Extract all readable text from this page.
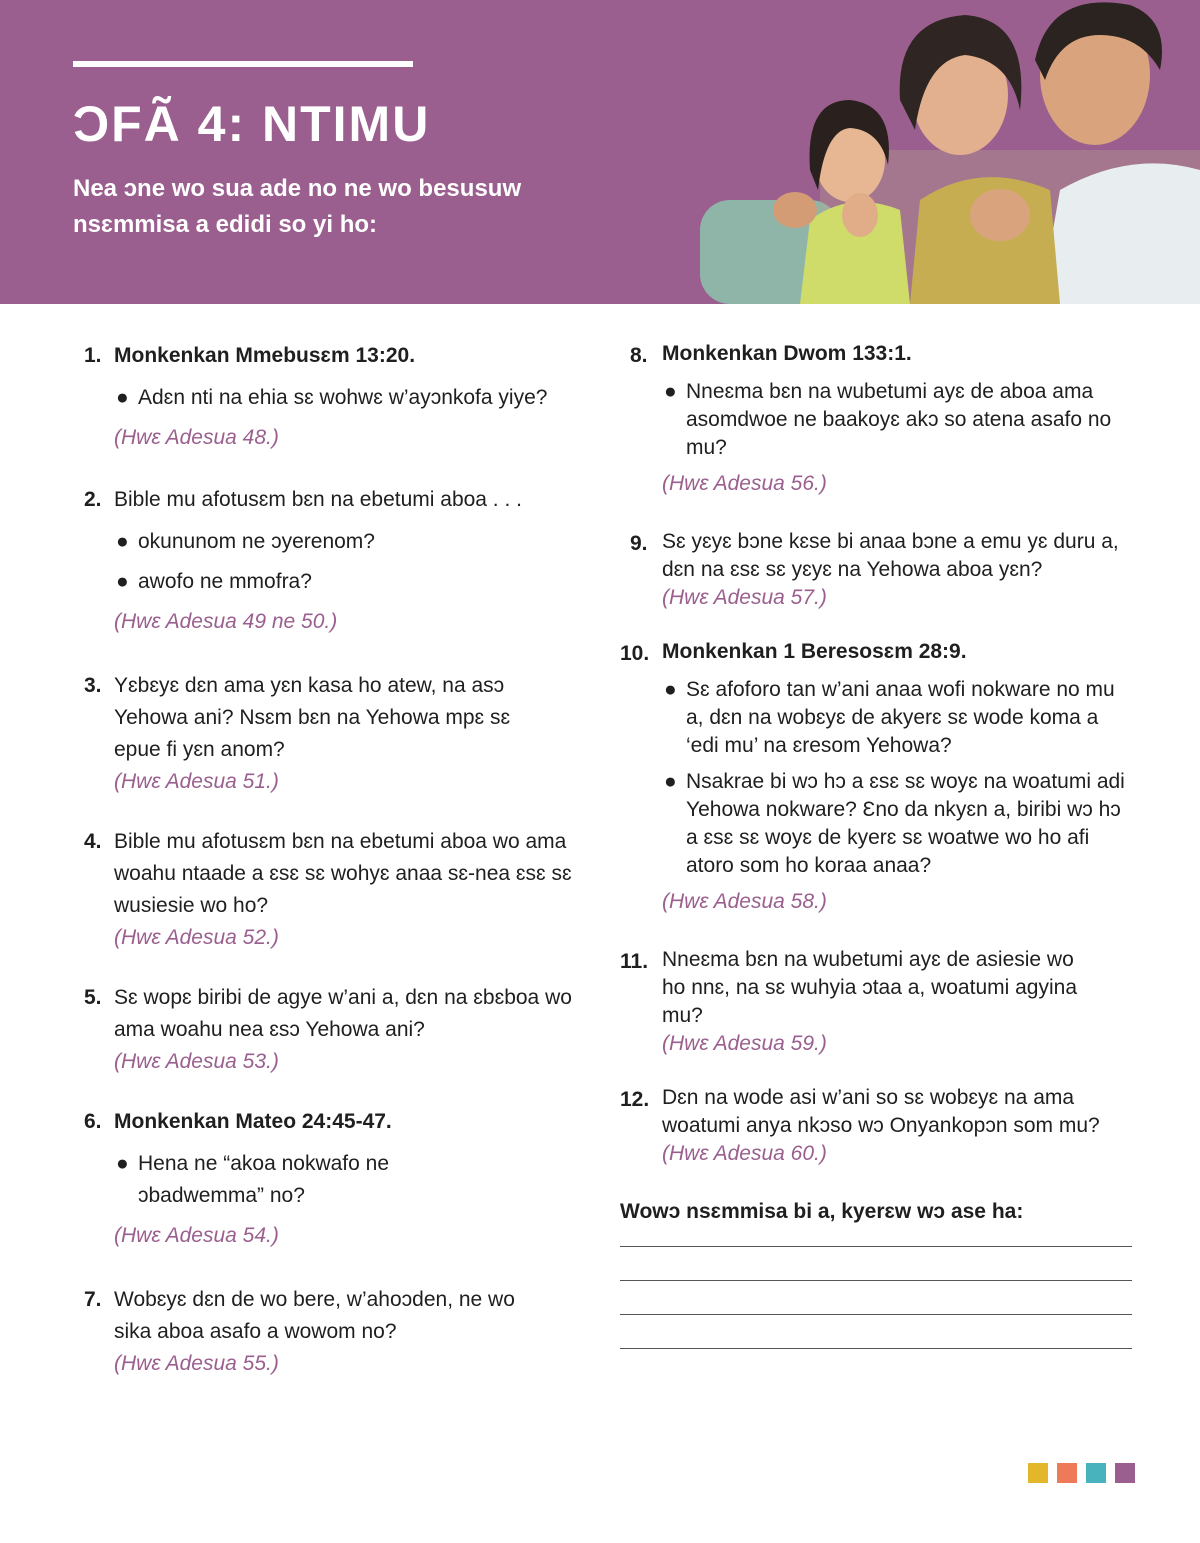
ƆFÃ 4: NTIMU

Nea ɔne wo sua ade no ne wo besusuw nsɛmmisa a edidi so yi ho:

1. Monkenkan Mmebusɛm 13:20.
● Adɛn nti na ehia sɛ wohwɛ w’ayɔnkofa yiye?
(Hwɛ Adesua 48.)
2. Bible mu afotusɛm bɛn na ebetumi aboa . . .
● okununom ne ɔyerenom?
● awofo ne mmofra?
(Hwɛ Adesua 49 ne 50.)
3. Yɛbɛyɛ dɛn ama yɛn kasa ho atew, na asɔ Yehowa ani? Nsɛm bɛn na Yehowa mpɛ sɛ epue fi yɛn anom?
(Hwɛ Adesua 51.)
4. Bible mu afotusɛm bɛn na ebetumi aboa wo ama woahu ntaade a ɛsɛ sɛ wohyɛ anaa sɛ-nea ɛsɛ sɛ wusiesie wo ho?
(Hwɛ Adesua 52.)
5. Sɛ wopɛ biribi de agye w’ani a, dɛn na ɛbɛboa wo ama woahu nea ɛsɔ Yehowa ani?
(Hwɛ Adesua 53.)
6. Monkenkan Mateo 24:45-47.
● Hena ne “akoa nokwafo ne ɔbadwemma” no?
(Hwɛ Adesua 54.)
7. Wobɛyɛ dɛn de wo bere, w’ahoɔden, ne wo sika aboa asafo a wowom no?
(Hwɛ Adesua 55.)
8. Monkenkan Dwom 133:1.
● Nneɛma bɛn na wubetumi ayɛ de aboa ama asomdwoe ne baakoyɛ akɔ so atena asafo no mu?
(Hwɛ Adesua 56.)
9. Sɛ yɛyɛ bɔne kɛse bi anaa bɔne a emu yɛ duru a, dɛn na ɛsɛ sɛ yɛyɛ na Yehowa aboa yɛn?
(Hwɛ Adesua 57.)
10. Monkenkan 1 Beresosɛm 28:9.
● Sɛ afoforo tan w’ani anaa wofi nokware no mu a, dɛn na wobɛyɛ de akyerɛ sɛ wode koma a ‘edi mu’ na ɛresom Yehowa?
● Nsakrae bi wɔ hɔ a ɛsɛ sɛ woyɛ na woatumi adi Yehowa nokware? Ɛno da nkyɛn a, biribi wɔ hɔ a ɛsɛ sɛ woyɛ de kyerɛ sɛ woatwe wo ho afi atoro som ho koraa anaa?
(Hwɛ Adesua 58.)
11. Nneɛma bɛn na wubetumi ayɛ de asiesie wo ho nnɛ, na sɛ wuhyia ɔtaa a, woatumi agyina mu?
(Hwɛ Adesua 59.)
12. Dɛn na wode asi w’ani so sɛ wobɛyɛ na ama woatumi anya nkɔso wɔ Onyankopɔn som mu?
(Hwɛ Adesua 60.)
Wowɔ nsɛmmisa bi a, kyerɛw wɔ ase ha:
